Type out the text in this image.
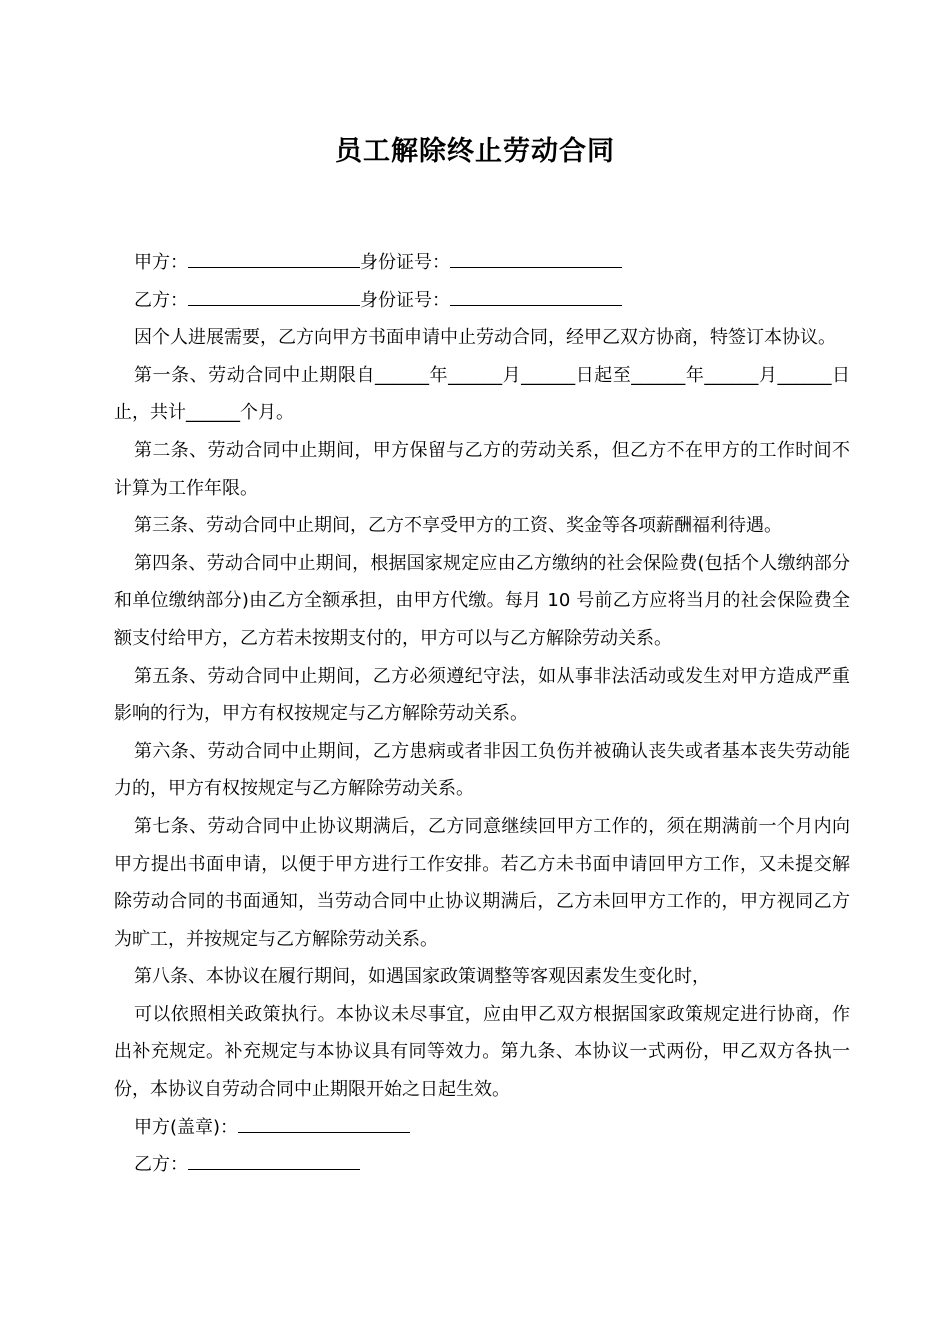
员工解除终止劳动合同
甲方：	身份证号：
乙方：	身份证号：

因个人进展需要，乙方向甲方书面申请中止劳动合同，经甲乙双方协商，特签订本协议。

第一条、劳动合同中止期限自______年______月______日起至______年______月______日止，共计______个月。

第二条、劳动合同中止期间，甲方保留与乙方的劳动关系，但乙方不在甲方的工作时间不计算为工作年限。

第三条、劳动合同中止期间，乙方不享受甲方的工资、奖金等各项薪酬福利待遇。

第四条、劳动合同中止期间，根据国家规定应由乙方缴纳的社会保险费(包括个人缴纳部分和单位缴纳部分)由乙方全额承担，由甲方代缴。每月 10 号前乙方应将当月的社会保险费全额支付给甲方，乙方若未按期支付的，甲方可以与乙方解除劳动关系。

第五条、劳动合同中止期间，乙方必须遵纪守法，如从事非法活动或发生对甲方造成严重影响的行为，甲方有权按规定与乙方解除劳动关系。

第六条、劳动合同中止期间，乙方患病或者非因工负伤并被确认丧失或者基本丧失劳动能力的，甲方有权按规定与乙方解除劳动关系。

第七条、劳动合同中止协议期满后，乙方同意继续回甲方工作的，须在期满前一个月内向甲方提出书面申请，以便于甲方进行工作安排。若乙方未书面申请回甲方工作，又未提交解除劳动合同的书面通知，当劳动合同中止协议期满后，乙方未回甲方工作的，甲方视同乙方为旷工，并按规定与乙方解除劳动关系。

第八条、本协议在履行期间，如遇国家政策调整等客观因素发生变化时，

可以依照相关政策执行。本协议未尽事宜，应由甲乙双方根据国家政策规定进行协商，作出补充规定。补充规定与本协议具有同等效力。第九条、本协议一式两份，甲乙双方各执一份，本协议自劳动合同中止期限开始之日起生效。

甲方(盖章)：
乙方：
